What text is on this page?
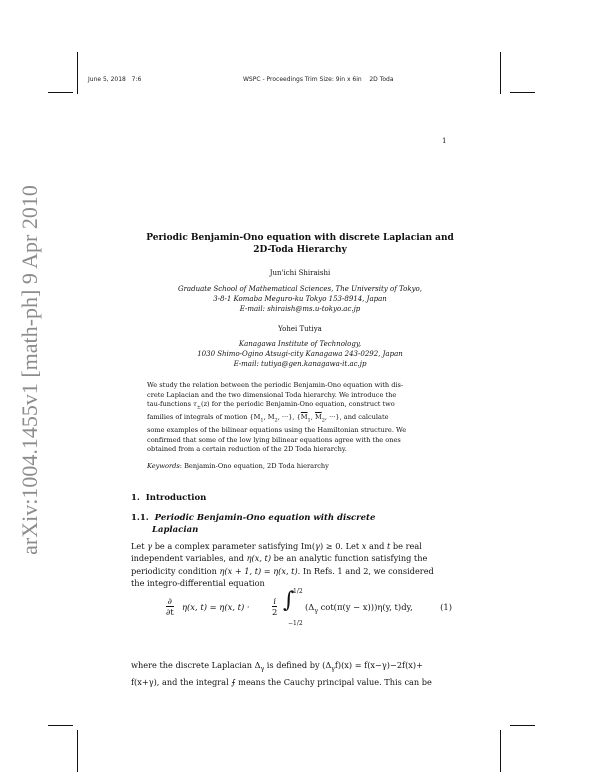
June 5, 2018 7:6	WSPC - Proceedings Trim Size: 9in x 6in 2D Toda
1
arXiv:1004.1455v1 [math-ph] 9 Apr 2010	Periodic Benjamin-Ono equation with discrete Laplacian and
2D-Toda Hierarchy
Jun'ichi Shiraishi
Graduate School of Mathematical Sciences, The University of Tokyo,
3-8-1 Komaba Meguro-ku Tokyo 153-8914, Japan
E-mail: shiraish@ms.u-tokyo.ac.jp
Yohei Tutiya
Kanagawa Institute of Technology,
1030 Shimo-Ogino Atsugi-city Kanagawa 243-0292, Japan
E-mail: tutiya@gen.kanagawa-it.ac.jp
We study the relation between the periodic Benjamin-Ono equation with dis-
crete Laplacian and the two dimensional Toda hierarchy. We introduce the
tau-functions $\tau_\pm(z)$ for the periodic Benjamin-Ono equation, construct two
families of integrals of motion {$M_1$, $M_2$, ···}, {$\overline{M}_1$, $\overline{M}_2$, ···}, and calculate
some examples of the bilinear equations using the Hamiltonian structure. We
confirmed that some of the low lying bilinear equations agree with the ones
obtained from a certain reduction of the 2D Toda hierarchy.
Keywords: Benjamin-Ono equation, 2D Toda hierarchy
1. Introduction
1.1. Periodic Benjamin-Ono equation with discrete
Laplacian
Let γ be a complex parameter satisfying Im(γ) ≥ 0. Let x and t be real
independent variables, and η(x, t) be an analytic function satisfying the
periodicity condition η(x + 1, t) = η(x, t). In Refs. 1 and 2, we considered
the integro-differential equation
∂
∂t η(x, t) = η(x, t) ·
i
2 ∫
1/2
−1/2
($\Delta_\gamma$ cot(π(y − x)))η(y, t)dy,	(1)
where the discrete Laplacian $\Delta_\gamma$ is defined by $(\Delta_\gamma f)(x) = f(x-\gamma)-2f(x)+$
f(x+γ), and the integral ⨍ means the Cauchy principal value. This can be
